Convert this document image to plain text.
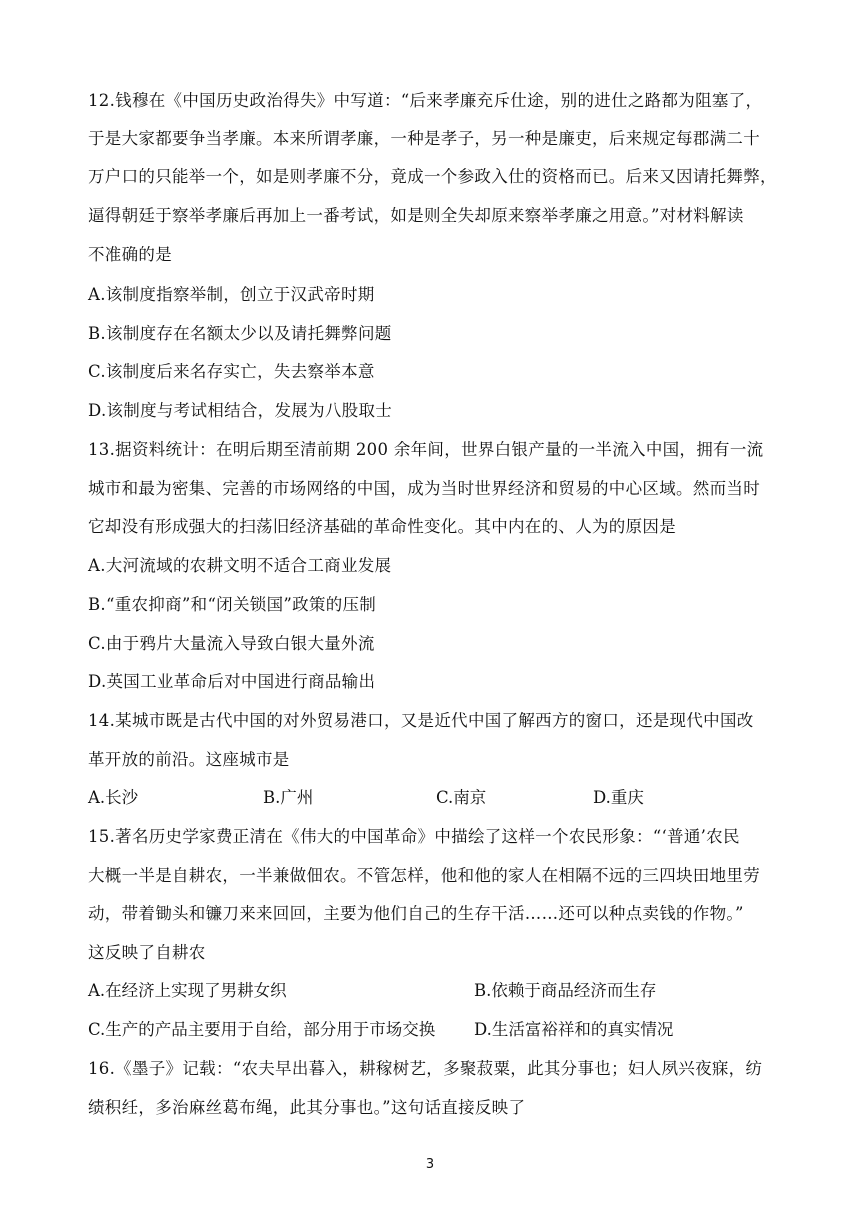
12.钱穆在《中国历史政治得失》中写道：“后来孝廉充斥仕途，别的进仕之路都为阻塞了，
于是大家都要争当孝廉。本来所谓孝廉，一种是孝子，另一种是廉吏，后来规定每郡满二十
万户口的只能举一个，如是则孝廉不分，竟成一个参政入仕的资格而已。后来又因请托舞弊，
逼得朝廷于察举孝廉后再加上一番考试，如是则全失却原来察举孝廉之用意。”对材料解读
不准确的是
A.该制度指察举制，创立于汉武帝时期
B.该制度存在名额太少以及请托舞弊问题
C.该制度后来名存实亡，失去察举本意
D.该制度与考试相结合，发展为八股取士
13.据资料统计：在明后期至清前期 200 余年间，世界白银产量的一半流入中国，拥有一流
城市和最为密集、完善的市场网络的中国，成为当时世界经济和贸易的中心区域。然而当时
它却没有形成强大的扫荡旧经济基础的革命性变化。其中内在的、人为的原因是
A.大河流域的农耕文明不适合工商业发展
B.“重农抑商”和“闭关锁国”政策的压制
C.由于鸦片大量流入导致白银大量外流
D.英国工业革命后对中国进行商品输出
14.某城市既是古代中国的对外贸易港口，又是近代中国了解西方的窗口，还是现代中国改
革开放的前沿。这座城市是
A.长沙	B.广州	C.南京	D.重庆
15.著名历史学家费正清在《伟大的中国革命》中描绘了这样一个农民形象：“‘普通’农民
大概一半是自耕农，一半兼做佃农。不管怎样，他和他的家人在相隔不远的三四块田地里劳
动，带着锄头和镰刀来来回回，主要为他们自己的生存干活……还可以种点卖钱的作物。”
这反映了自耕农
A.在经济上实现了男耕女织	B.依赖于商品经济而生存
C.生产的产品主要用于自给，部分用于市场交换 D.生活富裕祥和的真实情况
16.《墨子》记载：“农夫早出暮入，耕稼树艺，多聚菽粟，此其分事也；妇人夙兴夜寐，纺
绩积纴，多治麻丝葛布绳，此其分事也。”这句话直接反映了
3
